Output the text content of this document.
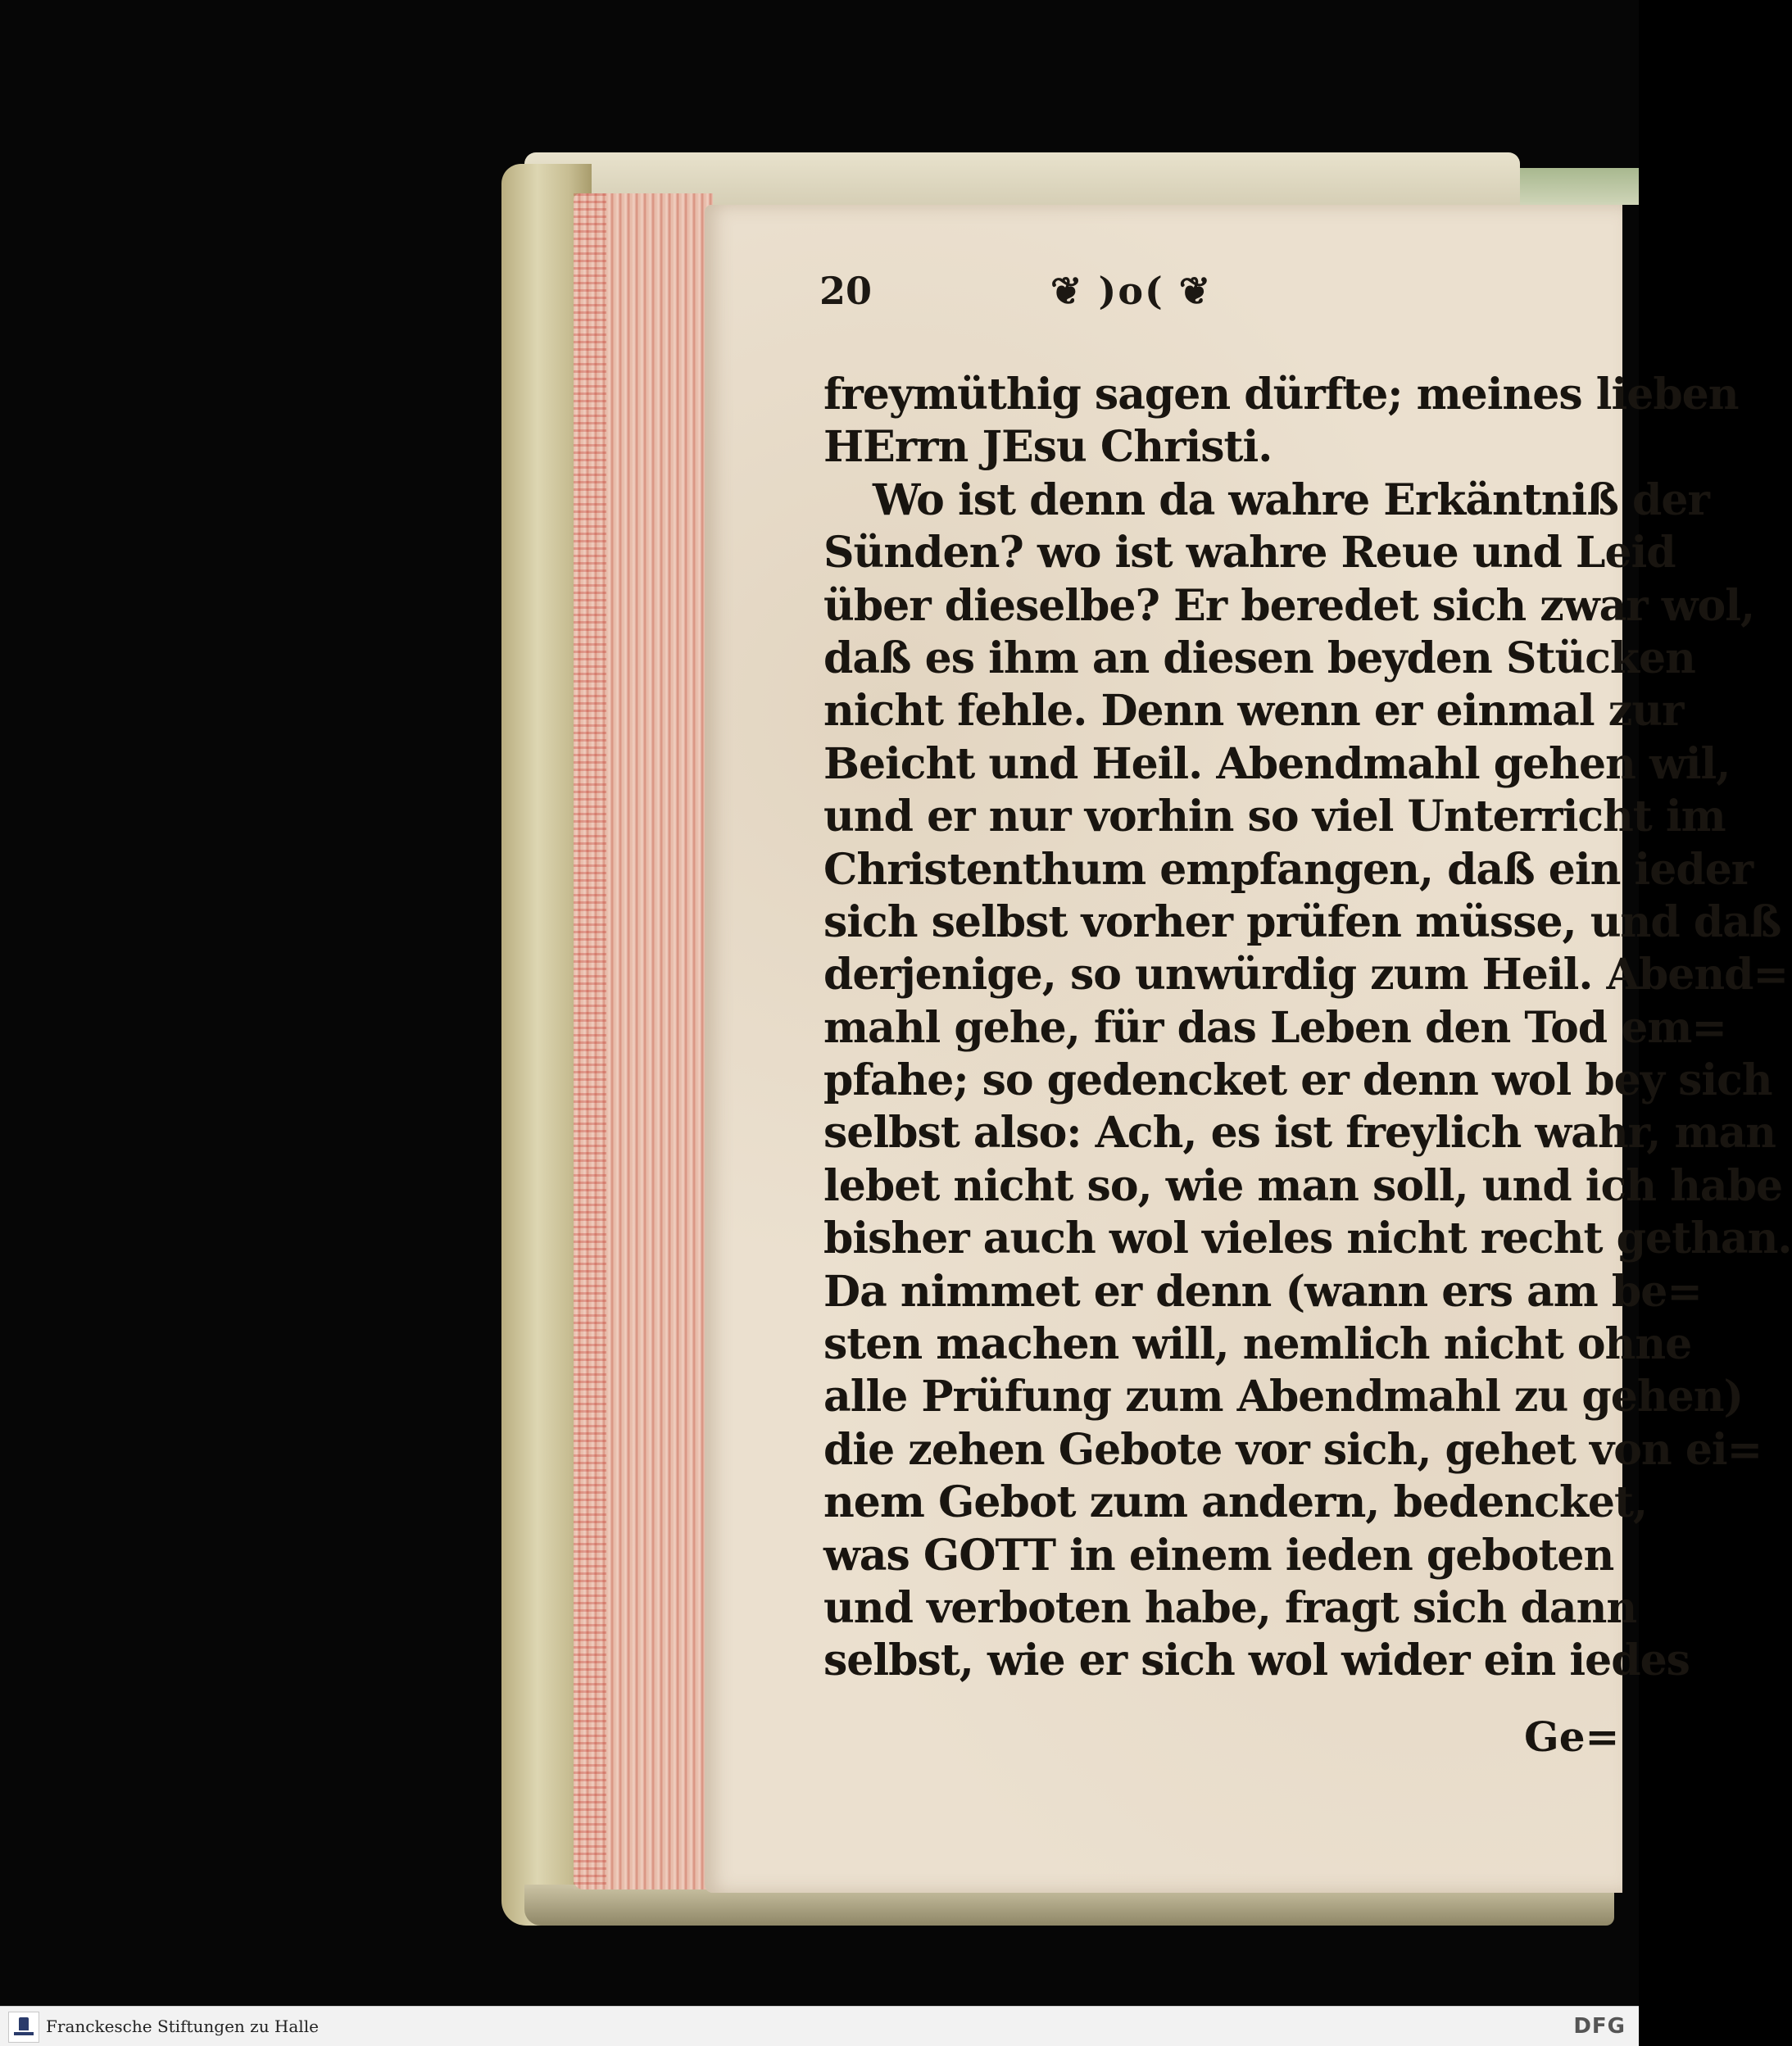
20	❦ )o( ❦
freymüthig sagen dürfte; meines lieben
HErrn JEsu Christi.
Wo ist denn da wahre Erkäntniß der
Sünden? wo ist wahre Reue und Leid
über dieselbe? Er beredet sich zwar wol,
daß es ihm an diesen beyden Stücken
nicht fehle. Denn wenn er einmal zur
Beicht und Heil. Abendmahl gehen wil,
und er nur vorhin so viel Unterricht im
Christenthum empfangen, daß ein ieder
sich selbst vorher prüfen müsse, und daß
derjenige, so unwürdig zum Heil. Abend=
mahl gehe, für das Leben den Tod em=
pfahe; so gedencket er denn wol bey sich
selbst also: Ach, es ist freylich wahr, man
lebet nicht so, wie man soll, und ich habe
bisher auch wol vieles nicht recht gethan.
Da nimmet er denn (wann ers am be=
sten machen will, nemlich nicht ohne
alle Prüfung zum Abendmahl zu gehen)
die zehen Gebote vor sich, gehet von ei=
nem Gebot zum andern, bedencket,
was GOTT in einem ieden geboten
und verboten habe, fragt sich dann
selbst, wie er sich wol wider ein iedes
Ge=
Franckesche Stiftungen zu Halle	DFG
